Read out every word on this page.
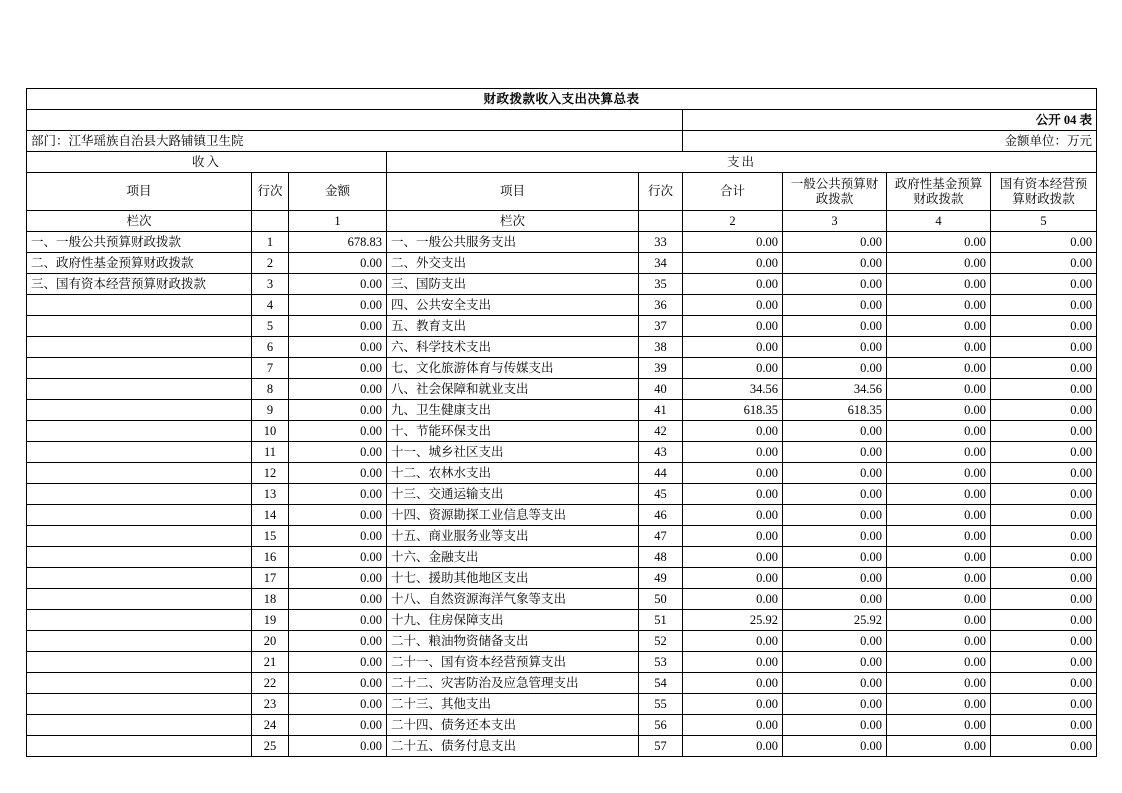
财政拨款收入支出决算总表								
					公开 04 表			
部门：江华瑶族自治县大路铺镇卫生院					金额单位：万元			
收入			支出					
项目	行次	金额	项目	行次	合计	一般公共预算财政拨款	政府性基金预算财政拨款	国有资本经营预算财政拨款
栏次		1	栏次		2	3	4	5
一、一般公共预算财政拨款	1	678.83	一、一般公共服务支出	33	0.00	0.00	0.00	0.00
二、政府性基金预算财政拨款	2	0.00	二、外交支出	34	0.00	0.00	0.00	0.00
三、国有资本经营预算财政拨款	3	0.00	三、国防支出	35	0.00	0.00	0.00	0.00
	4	0.00	四、公共安全支出	36	0.00	0.00	0.00	0.00
	5	0.00	五、教育支出	37	0.00	0.00	0.00	0.00
	6	0.00	六、科学技术支出	38	0.00	0.00	0.00	0.00
	7	0.00	七、文化旅游体育与传媒支出	39	0.00	0.00	0.00	0.00
	8	0.00	八、社会保障和就业支出	40	34.56	34.56	0.00	0.00
	9	0.00	九、卫生健康支出	41	618.35	618.35	0.00	0.00
	10	0.00	十、节能环保支出	42	0.00	0.00	0.00	0.00
	11	0.00	十一、城乡社区支出	43	0.00	0.00	0.00	0.00
	12	0.00	十二、农林水支出	44	0.00	0.00	0.00	0.00
	13	0.00	十三、交通运输支出	45	0.00	0.00	0.00	0.00
	14	0.00	十四、资源勘探工业信息等支出	46	0.00	0.00	0.00	0.00
	15	0.00	十五、商业服务业等支出	47	0.00	0.00	0.00	0.00
	16	0.00	十六、金融支出	48	0.00	0.00	0.00	0.00
	17	0.00	十七、援助其他地区支出	49	0.00	0.00	0.00	0.00
	18	0.00	十八、自然资源海洋气象等支出	50	0.00	0.00	0.00	0.00
	19	0.00	十九、住房保障支出	51	25.92	25.92	0.00	0.00
	20	0.00	二十、粮油物资储备支出	52	0.00	0.00	0.00	0.00
	21	0.00	二十一、国有资本经营预算支出	53	0.00	0.00	0.00	0.00
	22	0.00	二十二、灾害防治及应急管理支出	54	0.00	0.00	0.00	0.00
	23	0.00	二十三、其他支出	55	0.00	0.00	0.00	0.00
	24	0.00	二十四、债务还本支出	56	0.00	0.00	0.00	0.00
	25	0.00	二十五、债务付息支出	57	0.00	0.00	0.00	0.00
